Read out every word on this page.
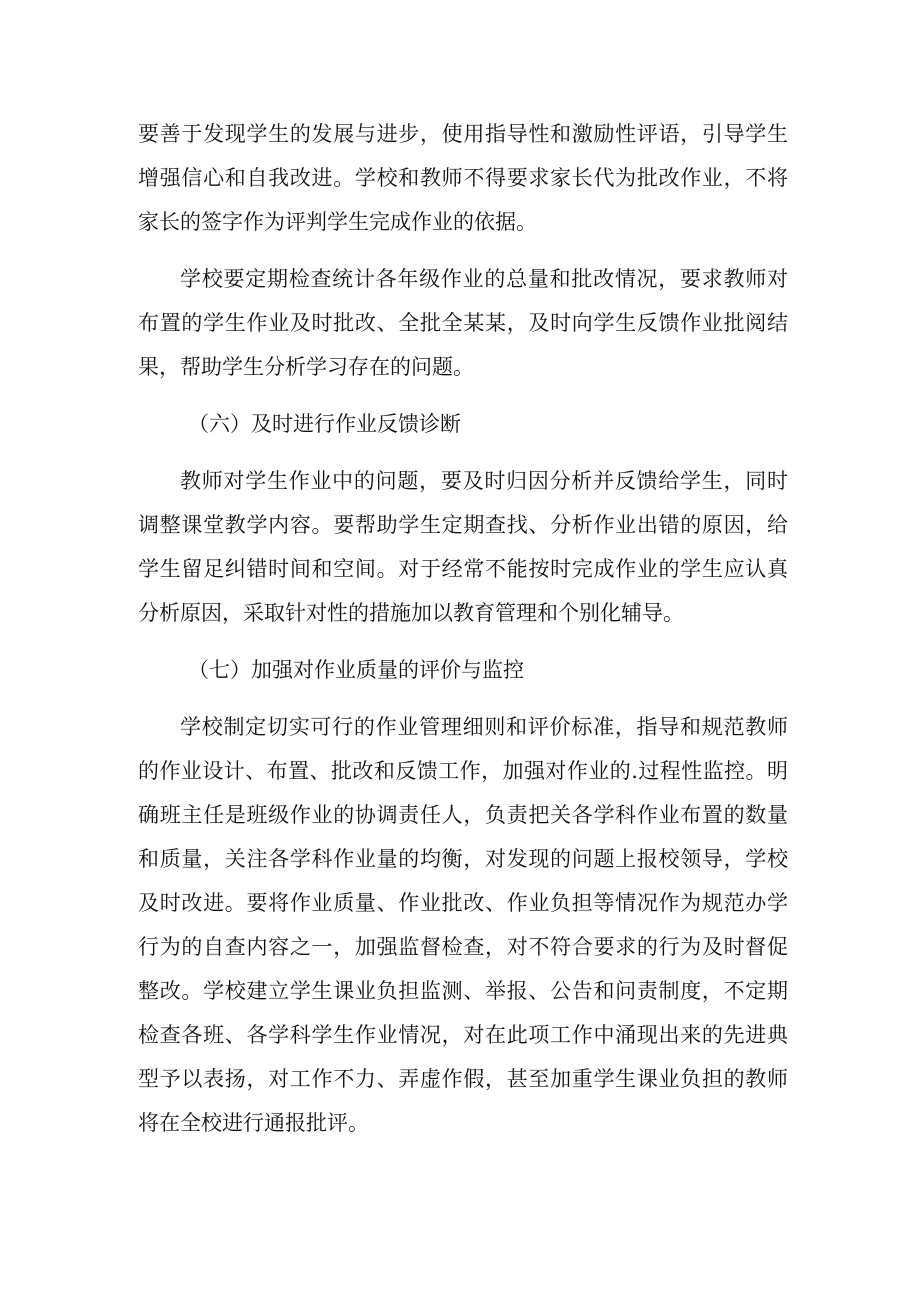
要善于发现学生的发展与进步，使用指导性和激励性评语，引导学生增强信心和自我改进。学校和教师不得要求家长代为批改作业，不将家长的签字作为评判学生完成作业的依据。

学校要定期检查统计各年级作业的总量和批改情况，要求教师对布置的学生作业及时批改、全批全某某，及时向学生反馈作业批阅结果，帮助学生分析学习存在的问题。

（六）及时进行作业反馈诊断

教师对学生作业中的问题，要及时归因分析并反馈给学生，同时调整课堂教学内容。要帮助学生定期查找、分析作业出错的原因，给学生留足纠错时间和空间。对于经常不能按时完成作业的学生应认真分析原因，采取针对性的措施加以教育管理和个别化辅导。

（七）加强对作业质量的评价与监控

学校制定切实可行的作业管理细则和评价标准，指导和规范教师的作业设计、布置、批改和反馈工作，加强对作业的.过程性监控。明确班主任是班级作业的协调责任人，负责把关各学科作业布置的数量和质量，关注各学科作业量的均衡，对发现的问题上报校领导，学校及时改进。要将作业质量、作业批改、作业负担等情况作为规范办学行为的自查内容之一，加强监督检查，对不符合要求的行为及时督促整改。学校建立学生课业负担监测、举报、公告和问责制度，不定期检查各班、各学科学生作业情况，对在此项工作中涌现出来的先进典型予以表扬，对工作不力、弄虚作假，甚至加重学生课业负担的教师将在全校进行通报批评。
